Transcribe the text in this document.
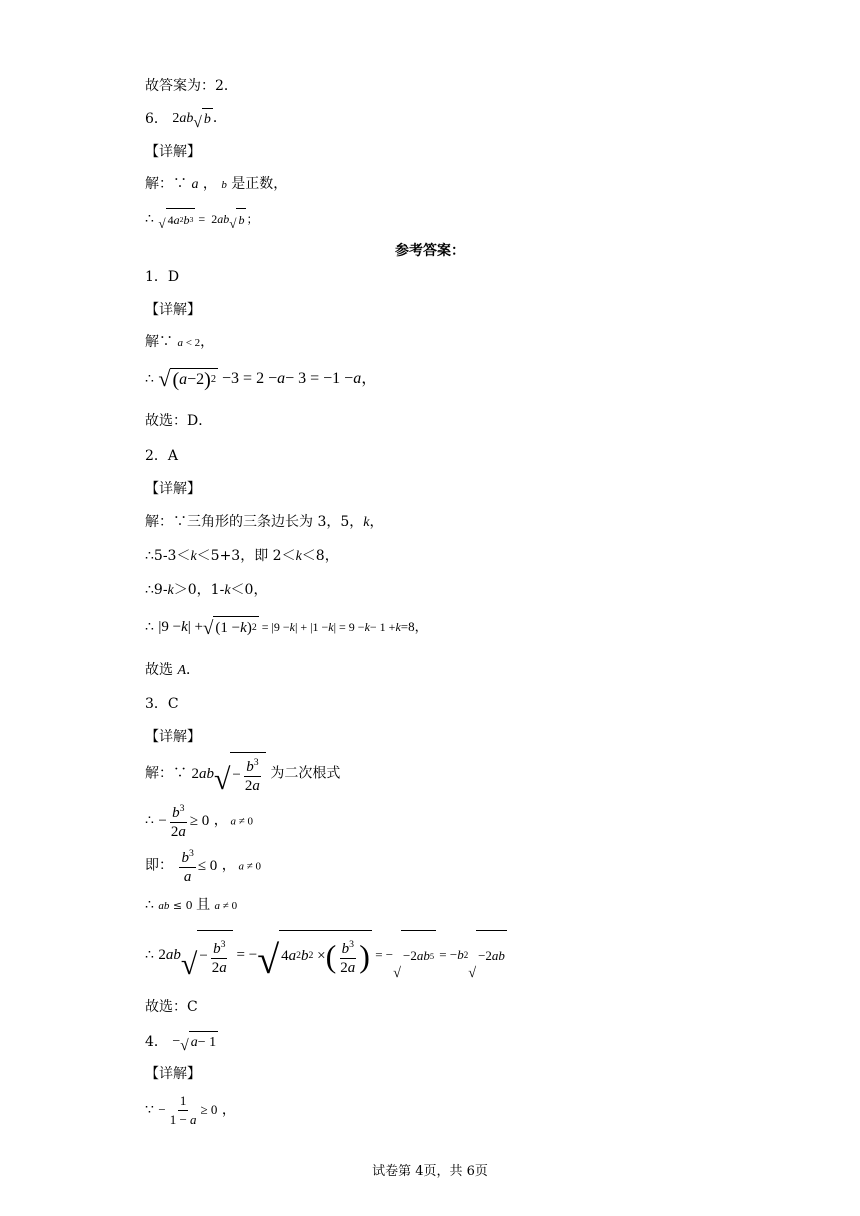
故答案为：2．
6． 2 ab √ b ．
【详解】
解：∵ a ， b 是正数，
∴ √ 4 a 2 b 3 =  2 ab √ b ；
参考答案：
1．D
【详解】
解∵ a < 2，
∴ √ ( a −2 ) 2 −3 = 2 − a − 3 = −1 − a ，
故选：D．
2．A
【详解】
解：∵三角形的三条边长为 3，5，k，
∴5-3＜k＜5+3，即 2＜k＜8，
∴9-k＞0，1-k＜0，
∴ |9 − k | + √ (1 − k ) 2 = |9 − k | + |1 − k | = 9 − k − 1 + k =8，
故选 A．
3．C
【详解】
解：∵ 2 ab √ − $\frac{b^3}{2a}$ 为二次根式
∴ − $\frac{b^3}{2a} \ge 0$ ， a ≠ 0
即： $\frac{b^3}{a} \le 0$ ， a ≠ 0
∴ ab ≤ 0 且 a ≠ 0
∴ 2 ab √ − $\frac{b^3}{2a}$ = − √ 4 a 2 b 2 × ( $\frac{b^3}{2a}$ ) = −
√
−2 ab 5 = − b 2
√
−2 ab
故选：C
4． − √ a − 1
【详解】
∵ − $\frac{1}{1 - a} \ge 0$ ，
试卷第 4页，共 6页
